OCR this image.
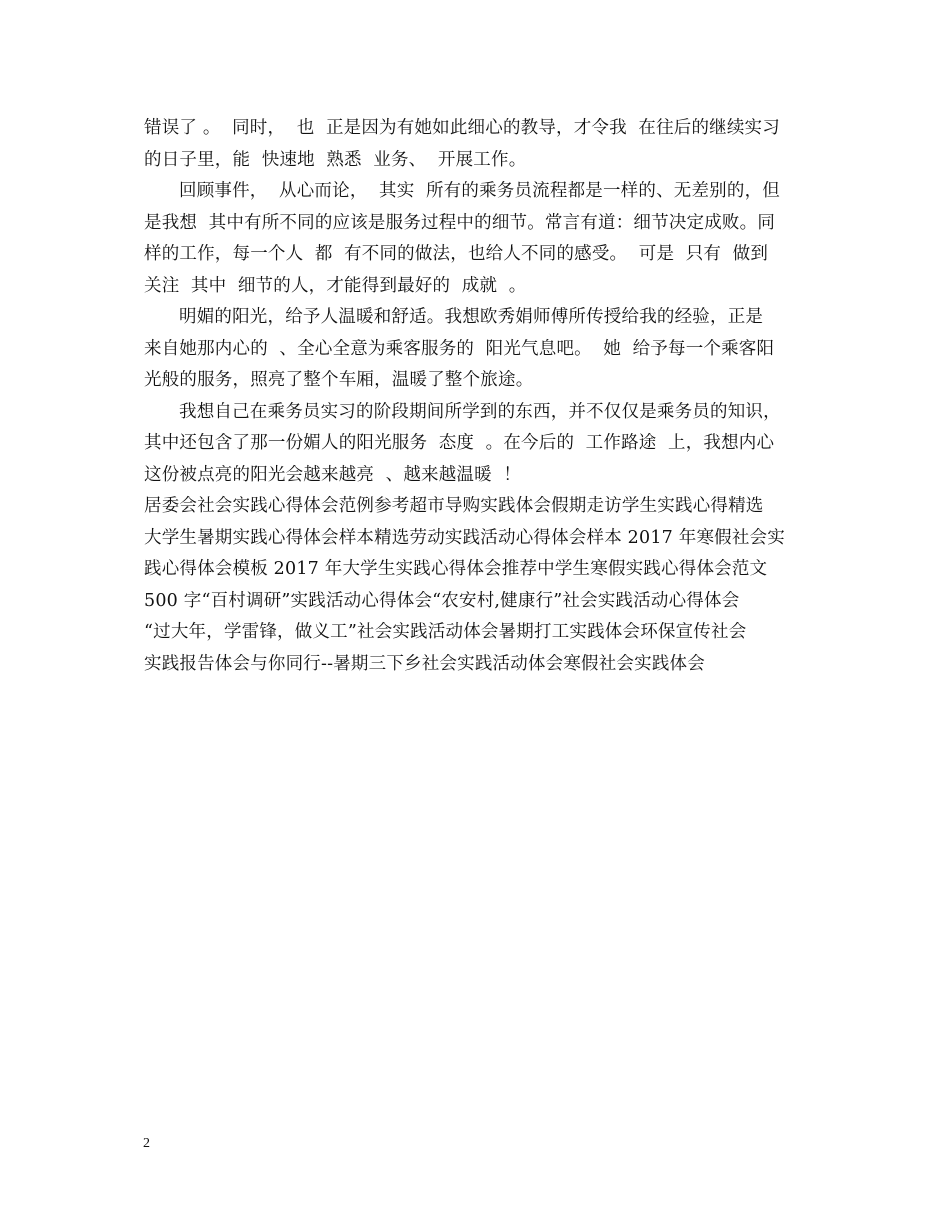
错误了 。  同时，  也  正是因为有她如此细心的教导，才令我  在往后的继续实习
的日子里，能  快速地  熟悉  业务、  开展工作。
回顾事件，  从心而论，  其实  所有的乘务员流程都是一样的、无差别的，但
是我想  其中有所不同的应该是服务过程中的细节。常言有道：细节决定成败。同
样的工作，每一个人  都  有不同的做法，也给人不同的感受。  可是  只有  做到
关注  其中  细节的人，才能得到最好的  成就  。
明媚的阳光，给予人温暖和舒适。我想欧秀娟师傅所传授给我的经验，正是
来自她那内心的  、全心全意为乘客服务的  阳光气息吧。  她  给予每一个乘客阳
光般的服务，照亮了整个车厢，温暖了整个旅途。
我想自己在乘务员实习的阶段期间所学到的东西，并不仅仅是乘务员的知识，
其中还包含了那一份媚人的阳光服务  态度  。在今后的  工作路途  上，我想内心
这份被点亮的阳光会越来越亮  、越来越温暖  ！
居委会社会实践心得体会范例参考超市导购实践体会假期走访学生实践心得精选
大学生暑期实践心得体会样本精选劳动实践活动心得体会样本 2017 年寒假社会实
践心得体会模板 2017 年大学生实践心得体会推荐中学生寒假实践心得体会范文
500 字“百村调研”实践活动心得体会“农安村,健康行”社会实践活动心得体会
“过大年，学雷锋，做义工”社会实践活动体会暑期打工实践体会环保宣传社会
实践报告体会与你同行--暑期三下乡社会实践活动体会寒假社会实践体会
2
